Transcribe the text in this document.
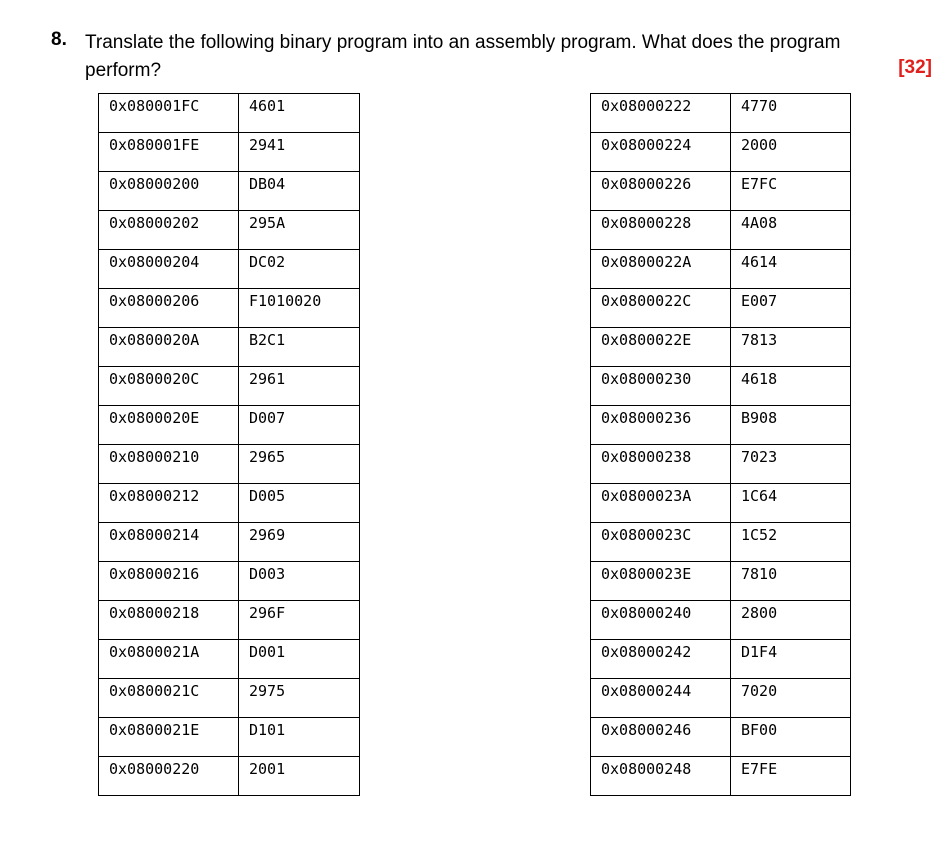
8. Translate the following binary program into an assembly program. What does the program perform?	[32]
0x080001FC	4601
0x080001FE	2941
0x08000200	DB04
0x08000202	295A
0x08000204	DC02
0x08000206	F1010020
0x0800020A	B2C1
0x0800020C	2961
0x0800020E	D007
0x08000210	2965
0x08000212	D005
0x08000214	2969
0x08000216	D003
0x08000218	296F
0x0800021A	D001
0x0800021C	2975
0x0800021E	D101
0x08000220	2001
0x08000222	4770
0x08000224	2000
0x08000226	E7FC
0x08000228	4A08
0x0800022A	4614
0x0800022C	E007
0x0800022E	7813
0x08000230	4618
0x08000236	B908
0x08000238	7023
0x0800023A	1C64
0x0800023C	1C52
0x0800023E	7810
0x08000240	2800
0x08000242	D1F4
0x08000244	7020
0x08000246	BF00
0x08000248	E7FE
